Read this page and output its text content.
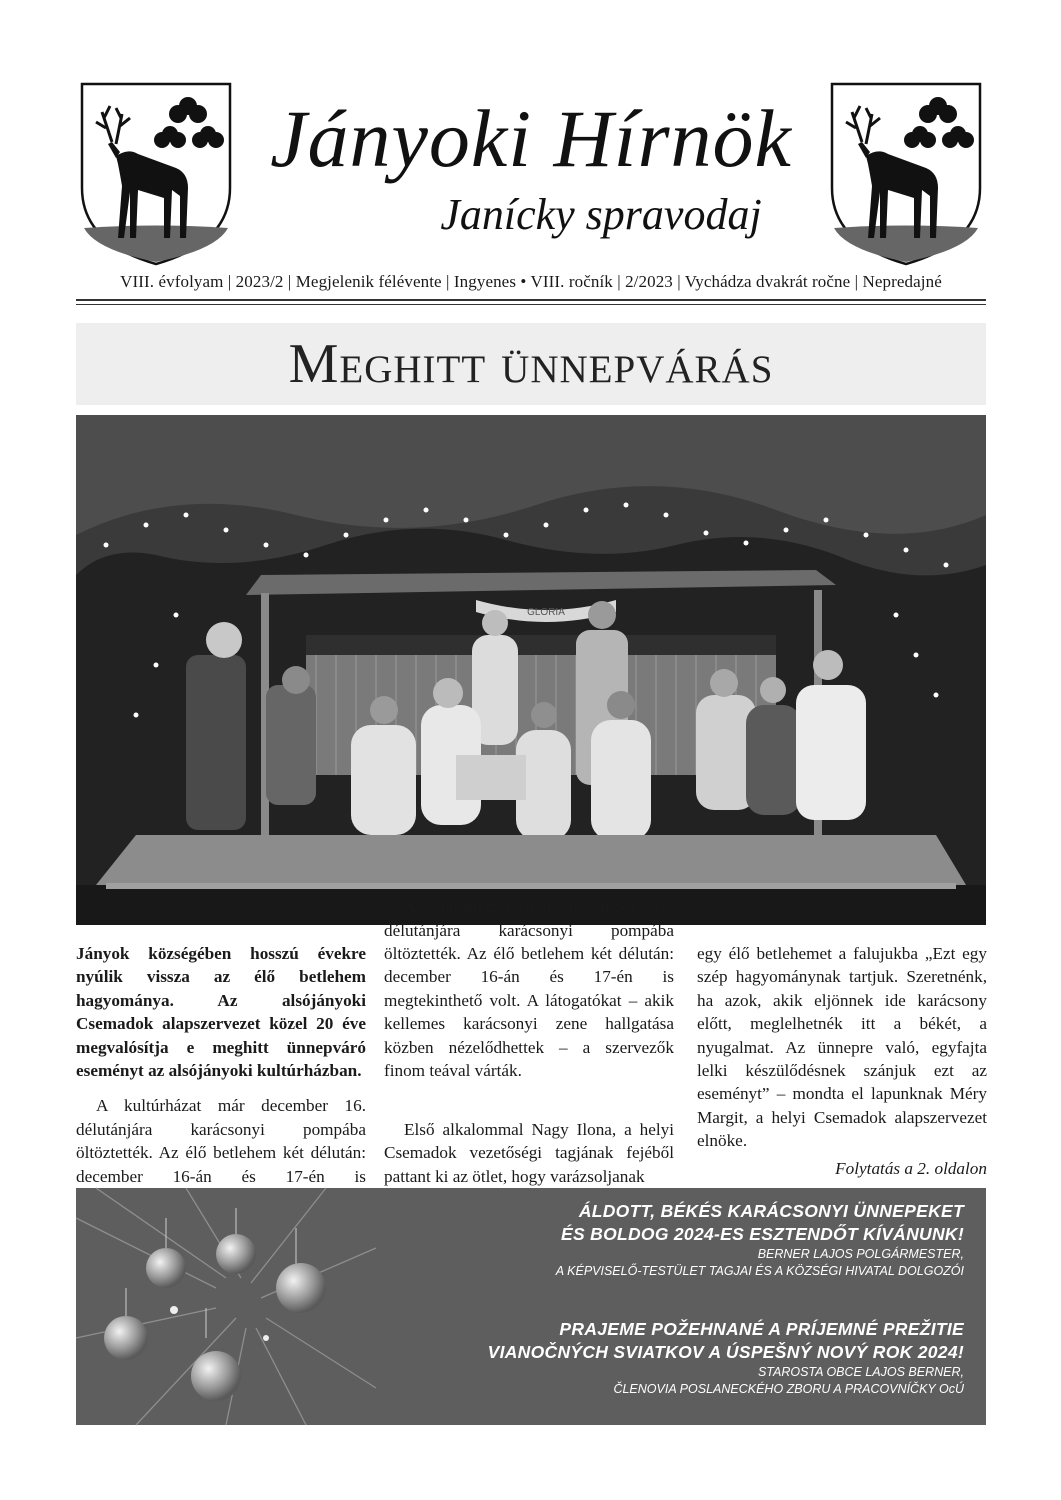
Jányoki Hírnök
Janícky spravodaj
VIII. évfolyam | 2023/2 | Megjelenik félévente | Ingyenes • VIII. ročník | 2/2023 | Vychádza dvakrát ročne | Nepredajné
Meghitt ünnepvárás
GLORIA

Jányok községében hosszú évekre nyúlik vissza az élő betlehem hagyománya. Az alsójányoki Csemadok alapszervezet közel 20 éve megvalósítja e meghitt ünnepváró eseményt az alsójányoki kultúrházban.

A kultúrházat már december 16. délutánjára karácsonyi pompába öltöztették. Az élő betlehem két délután: december 16-án és 17-én is

A kultúrházat már december 16. délutánjára karácsonyi pompába öltöztették. Az élő betlehem két délután: december 16-án és 17-én is megtekinthető volt. A látogatókat – akik kellemes karácsonyi zene hallgatása közben nézelődhettek – a szervezők finom teával várták.

Első alkalommal Nagy Ilona, a helyi Csemadok vezetőségi tagjának fejéből pattant ki az ötlet, hogy varázsoljanak

egy élő betlehemet a falujukba „Ezt egy szép hagyománynak tartjuk. Szeretnénk, ha azok, akik eljönnek ide karácsony előtt, meglelhetnék itt a békét, a nyugalmat. Az ünnepre való, egyfajta lelki készülődésnek szánjuk ezt az eseményt” – mondta el lapunknak Méry Margit, a helyi Csemadok alapszervezet elnöke.

Folytatás a 2. oldalon
ÁLDOTT, BÉKÉS KARÁCSONYI ÜNNEPEKET
ÉS BOLDOG 2024-ES ESZTENDŐT KÍVÁNUNK!
BERNER LAJOS POLGÁRMESTER,
A KÉPVISELŐ-TESTÜLET TAGJAI ÉS A KÖZSÉGI HIVATAL DOLGOZÓI
PRAJEME POŽEHNANÉ A PRÍJEMNÉ PREŽITIE
VIANOČNÝCH SVIATKOV A ÚSPEŠNÝ NOVÝ ROK 2024!
STAROSTA OBCE LAJOS BERNER,
ČLENOVIA POSLANECKÉHO ZBORU A PRACOVNÍČKY OcÚ
